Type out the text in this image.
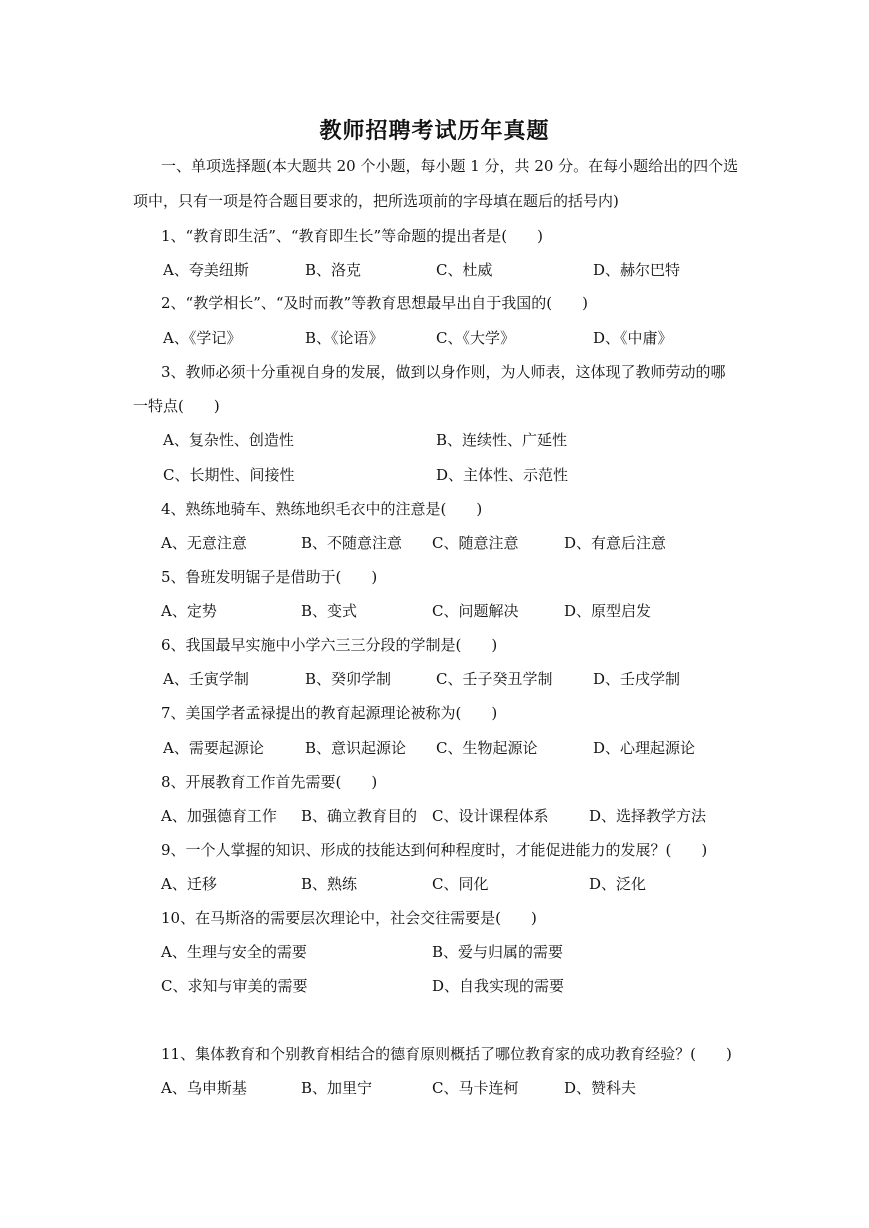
教师招聘考试历年真题
一、单项选择题(本大题共 20 个小题，每小题 1 分，共 20 分。在每小题给出的四个选
项中，只有一项是符合题目要求的，把所选项前的字母填在题后的括号内)
1、“教育即生活”、“教育即生长”等命题的提出者是(　　)
A、夸美纽斯	B、洛克	C、杜威	D、赫尔巴特
2、“教学相长”、“及时而教”等教育思想最早出自于我国的(　　)
A、《学记》	B、《论语》	C、《大学》	D、《中庸》
3、教师必须十分重视自身的发展，做到以身作则，为人师表，这体现了教师劳动的哪
一特点(　　)
A、复杂性、创造性	B、连续性、广延性
C、长期性、间接性	D、主体性、示范性
4、熟练地骑车、熟练地织毛衣中的注意是(　　)
A、无意注意	B、不随意注意 C、随意注意	D、有意后注意
5、鲁班发明锯子是借助于(　　)
A、定势	B、变式	C、问题解决	D、原型启发
6、我国最早实施中小学六三三分段的学制是(　　)
A、壬寅学制	B、癸卯学制	C、壬子癸丑学制	D、壬戌学制
7、美国学者孟禄提出的教育起源理论被称为(　　)
A、需要起源论	B、意识起源论 C、生物起源论	D、心理起源论
8、开展教育工作首先需要(　　)
A、加强德育工作 B、确立教育目的 C、设计课程体系	D、选择教学方法
9、一个人掌握的知识、形成的技能达到何种程度时，才能促进能力的发展？(　　)
A、迁移	B、熟练	C、同化	D、泛化
10、在马斯洛的需要层次理论中，社会交往需要是(　　)
A、生理与安全的需要	B、爱与归属的需要
C、求知与审美的需要	D、自我实现的需要
11、集体教育和个别教育相结合的德育原则概括了哪位教育家的成功教育经验？(　　)
A、乌申斯基	B、加里宁	C、马卡连柯	D、赞科夫
